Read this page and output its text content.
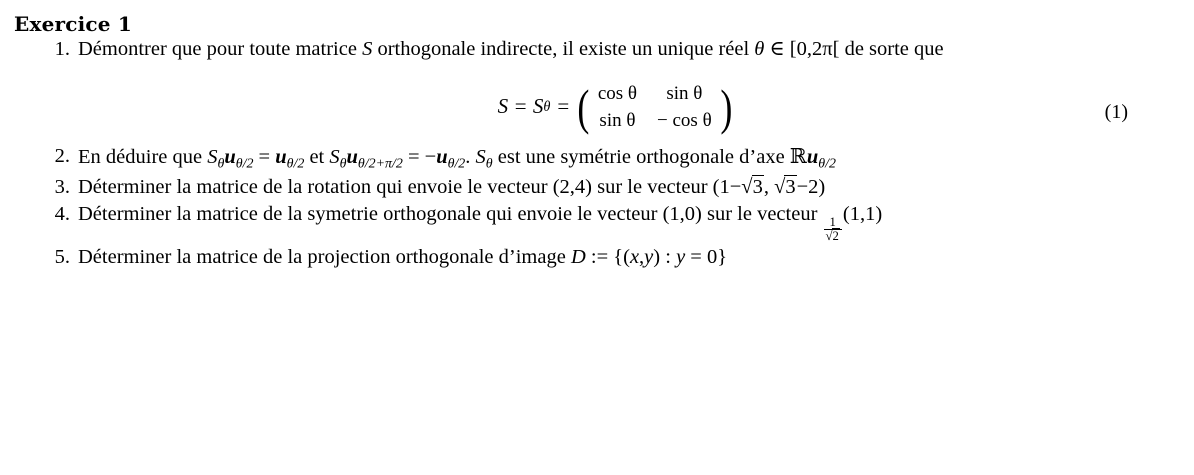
Exercice 1
1. Démontrer que pour toute matrice S orthogonale indirecte, il existe un unique réel θ ∈ [0,2π[ de sorte que
S = S θ = ( cos θ	sin θ
sin θ − cos θ )	(1)
2. En déduire que $S_\theta u_{\theta/2} = u_{\theta/2}$ et $S_\theta u_{\theta/2+\pi/2} = -u_{\theta/2}$. $S_\theta$ est une symétrie orthogonale d’axe ℝu$_{\theta/2}$
3. Déterminer la matrice de la rotation qui envoie le vecteur (2,4) sur le vecteur (1−√3, √3−2)
4. Déterminer la matrice de la symetrie orthogonale qui envoie le vecteur (1,0) sur le vecteur
$\frac{1}{√2}$
(1,1)
5. Déterminer la matrice de la projection orthogonale d’image D := {(x,y) : y = 0}
